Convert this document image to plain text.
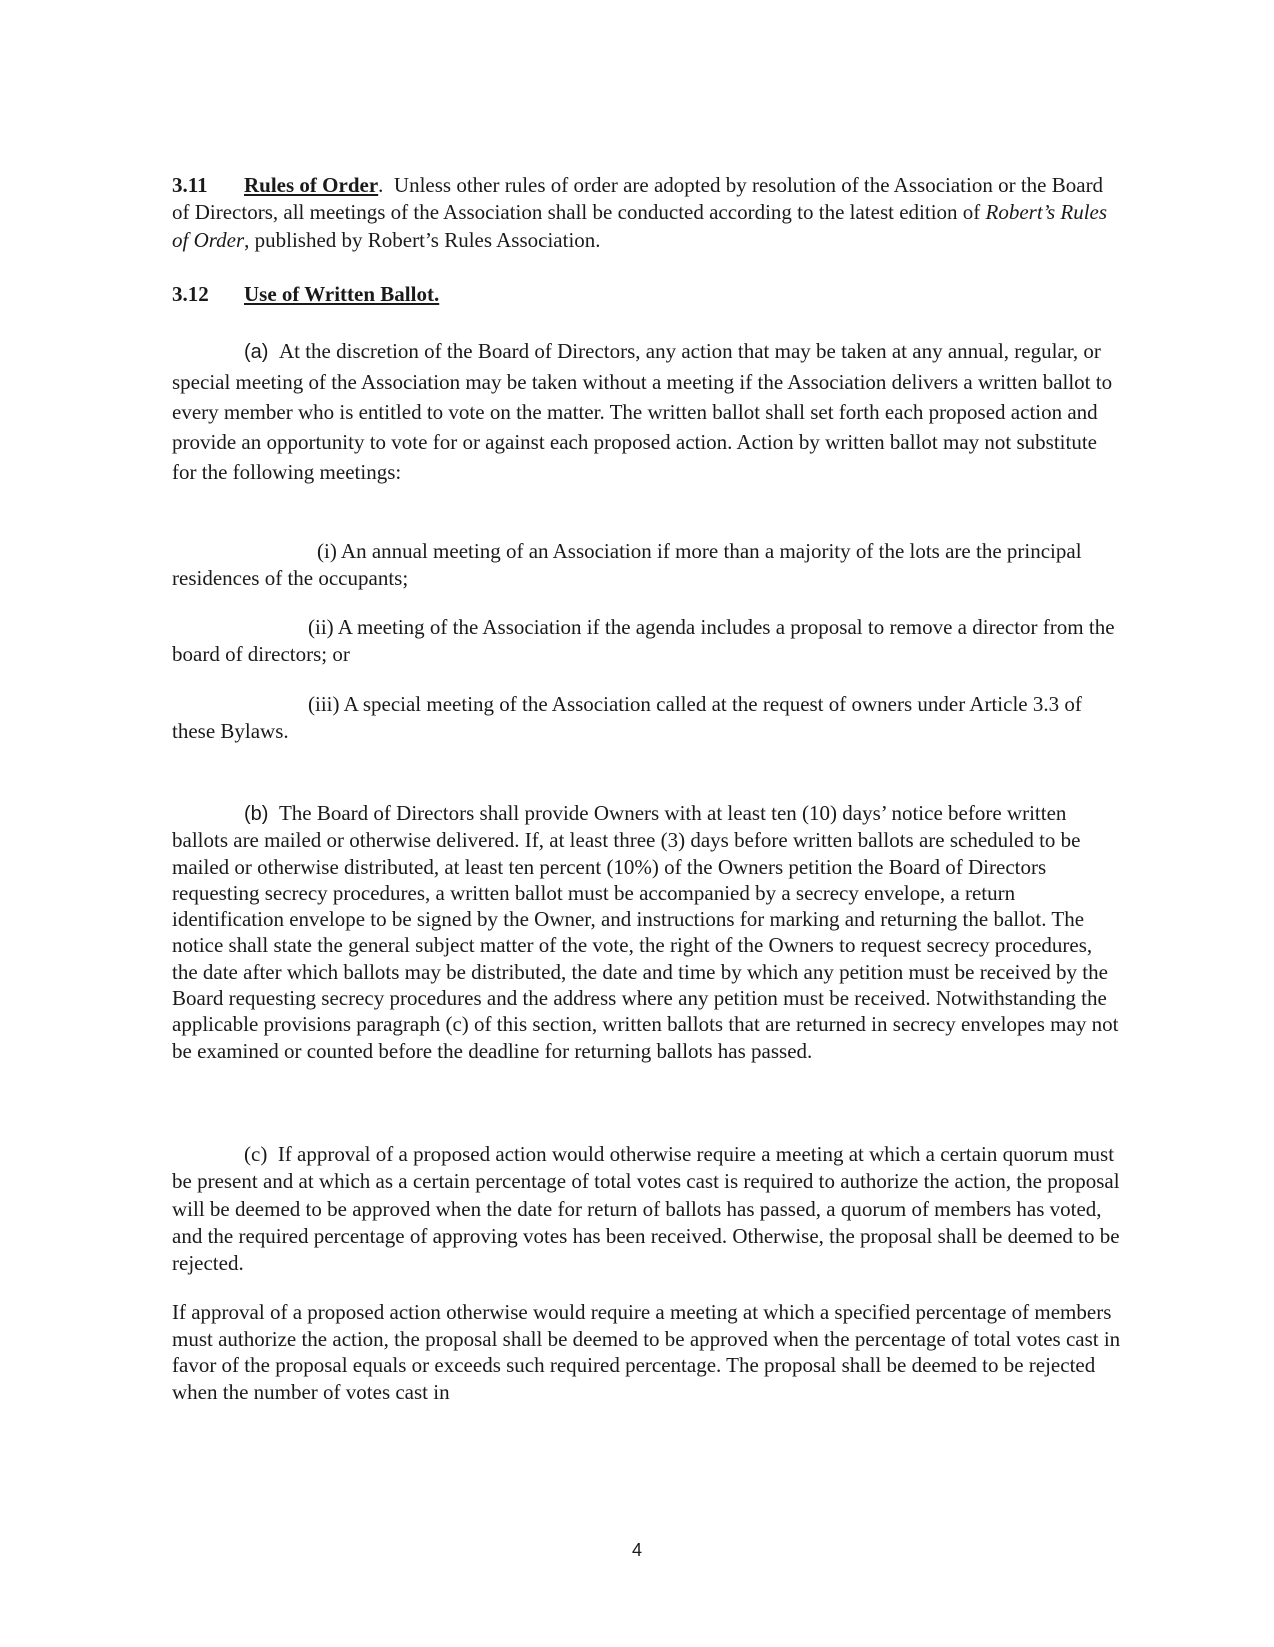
3.11 Rules of Order. Unless other rules of order are adopted by resolution of the Association or the Board of Directors, all meetings of the Association shall be conducted according to the latest edition of Robert’s Rules of Order, published by Robert’s Rules Association.
3.12 Use of Written Ballot.
(a) At the discretion of the Board of Directors, any action that may be taken at any annual, regular, or special meeting of the Association may be taken without a meeting if the Association delivers a written ballot to every member who is entitled to vote on the matter. The written ballot shall set forth each proposed action and provide an opportunity to vote for or against each proposed action. Action by written ballot may not substitute for the following meetings:
(i) An annual meeting of an Association if more than a majority of the lots are the principal residences of the occupants;
(ii) A meeting of the Association if the agenda includes a proposal to remove a director from the board of directors; or
(iii) A special meeting of the Association called at the request of owners under Article 3.3 of these Bylaws.
(b) The Board of Directors shall provide Owners with at least ten (10) days’ notice before written ballots are mailed or otherwise delivered. If, at least three (3) days before written ballots are scheduled to be mailed or otherwise distributed, at least ten percent (10%) of the Owners petition the Board of Directors requesting secrecy procedures, a written ballot must be accompanied by a secrecy envelope, a return identification envelope to be signed by the Owner, and instructions for marking and returning the ballot. The notice shall state the general subject matter of the vote, the right of the Owners to request secrecy procedures, the date after which ballots may be distributed, the date and time by which any petition must be received by the Board requesting secrecy procedures and the address where any petition must be received. Notwithstanding the applicable provisions paragraph (c) of this section, written ballots that are returned in secrecy envelopes may not be examined or counted before the deadline for returning ballots has passed.
(c) If approval of a proposed action would otherwise require a meeting at which a certain quorum must be present and at which as a certain percentage of total votes cast is required to authorize the action, the proposal will be deemed to be approved when the date for return of ballots has passed, a quorum of members has voted, and the required percentage of approving votes has been received. Otherwise, the proposal shall be deemed to be rejected.
If approval of a proposed action otherwise would require a meeting at which a specified percentage of members must authorize the action, the proposal shall be deemed to be approved when the percentage of total votes cast in favor of the proposal equals or exceeds such required percentage. The proposal shall be deemed to be rejected when the number of votes cast in
4
